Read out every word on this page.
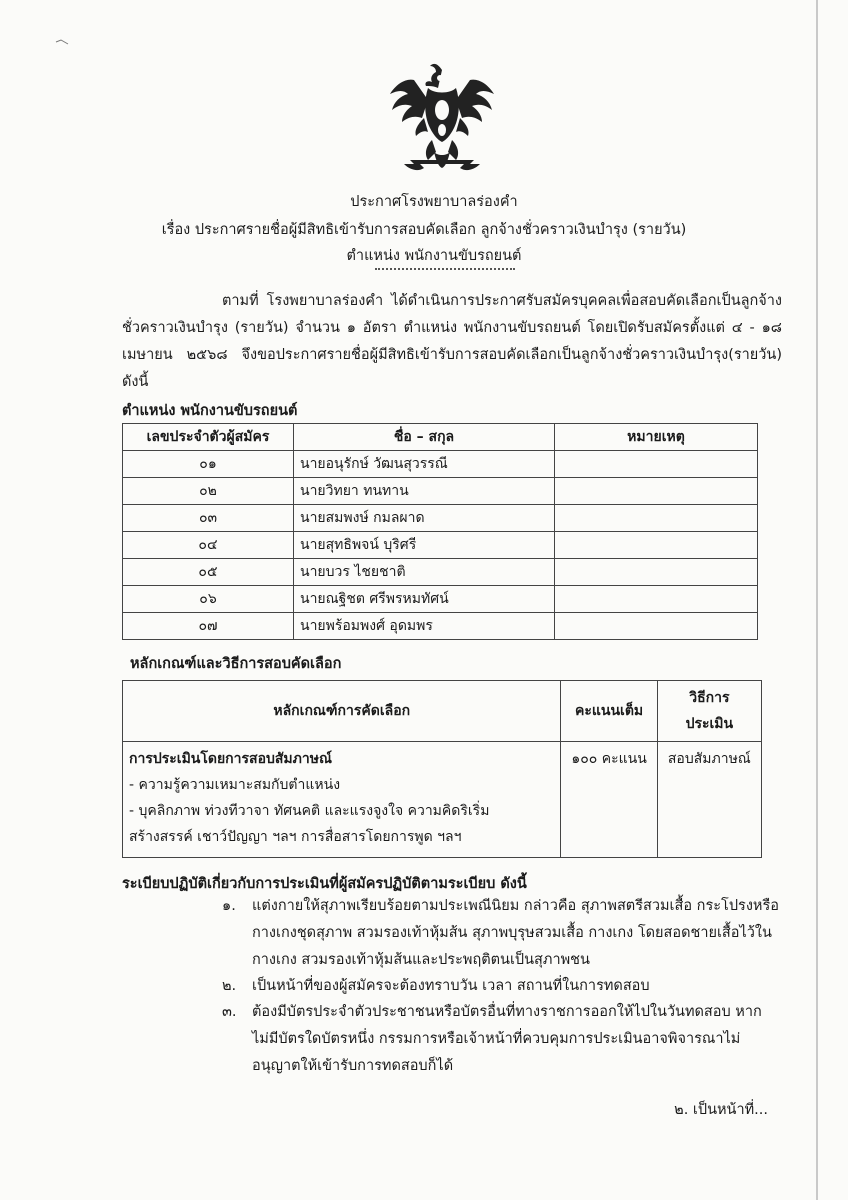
ประกาศโรงพยาบาลร่องคำ
เรื่อง ประกาศรายชื่อผู้มีสิทธิเข้ารับการสอบคัดเลือก ลูกจ้างชั่วคราวเงินบำรุง (รายวัน)
ตำแหน่ง พนักงานขับรถยนต์
ตามที่ โรงพยาบาลร่องคำ ได้ดำเนินการประกาศรับสมัครบุคคลเพื่อสอบคัดเลือกเป็นลูกจ้างชั่วคราวเงินบำรุง (รายวัน) จำนวน ๑ อัตรา ตำแหน่ง พนักงานขับรถยนต์ โดยเปิดรับสมัครตั้งแต่ ๔ - ๑๘ เมษายน ๒๕๖๘ จึงขอประกาศรายชื่อผู้มีสิทธิเข้ารับการสอบคัดเลือกเป็นลูกจ้างชั่วคราวเงินบำรุง(รายวัน) ดังนี้
ตำแหน่ง พนักงานขับรถยนต์
เลขประจำตัวผู้สมัคร	ชื่อ – สกุล	หมายเหตุ
๐๑	นายอนุรักษ์ วัฒนสุวรรณี	
๐๒	นายวิทยา ทนทาน	
๐๓	นายสมพงษ์ กมลผาด	
๐๔	นายสุทธิพจน์ บุริศรี	
๐๕	นายบวร ไชยชาติ	
๐๖	นายณฐิชต ศรีพรหมทัศน์	
๐๗	นายพร้อมพงศ์ อุดมพร	
หลักเกณฑ์และวิธีการสอบคัดเลือก
หลักเกณฑ์การคัดเลือก	คะแนนเต็ม	วิธีการ
ประเมิน

การประเมินโดยการสอบสัมภาษณ์
- ความรู้ความเหมาะสมกับตำแหน่ง
- บุคลิกภาพ ท่วงทีวาจา ทัศนคติ และแรงจูงใจ ความคิดริเริ่ม
สร้างสรรค์ เชาว์ปัญญา ฯลฯ การสื่อสารโดยการพูด ฯลฯ	๑๐๐ คะแนน	สอบสัมภาษณ์
ระเบียบปฏิบัติเกี่ยวกับการประเมินที่ผู้สมัครปฏิบัติตามระเบียบ ดังนี้
๑.	แต่งกายให้สุภาพเรียบร้อยตามประเพณีนิยม กล่าวคือ สุภาพสตรีสวมเสื้อ กระโปรงหรือกางเกงชุดสุภาพ สวมรองเท้าหุ้มส้น สุภาพบุรุษสวมเสื้อ กางเกง โดยสอดชายเสื้อไว้ในกางเกง สวมรองเท้าหุ้มส้นและประพฤติตนเป็นสุภาพชน
๒.	เป็นหน้าที่ของผู้สมัครจะต้องทราบวัน เวลา สถานที่ในการทดสอบ
๓.	ต้องมีบัตรประจำตัวประชาชนหรือบัตรอื่นที่ทางราชการออกให้ไปในวันทดสอบ หากไม่มีบัตรใดบัตรหนึ่ง กรรมการหรือเจ้าหน้าที่ควบคุมการประเมินอาจพิจารณาไม่อนุญาตให้เข้ารับการทดสอบก็ได้
๒. เป็นหน้าที่...
